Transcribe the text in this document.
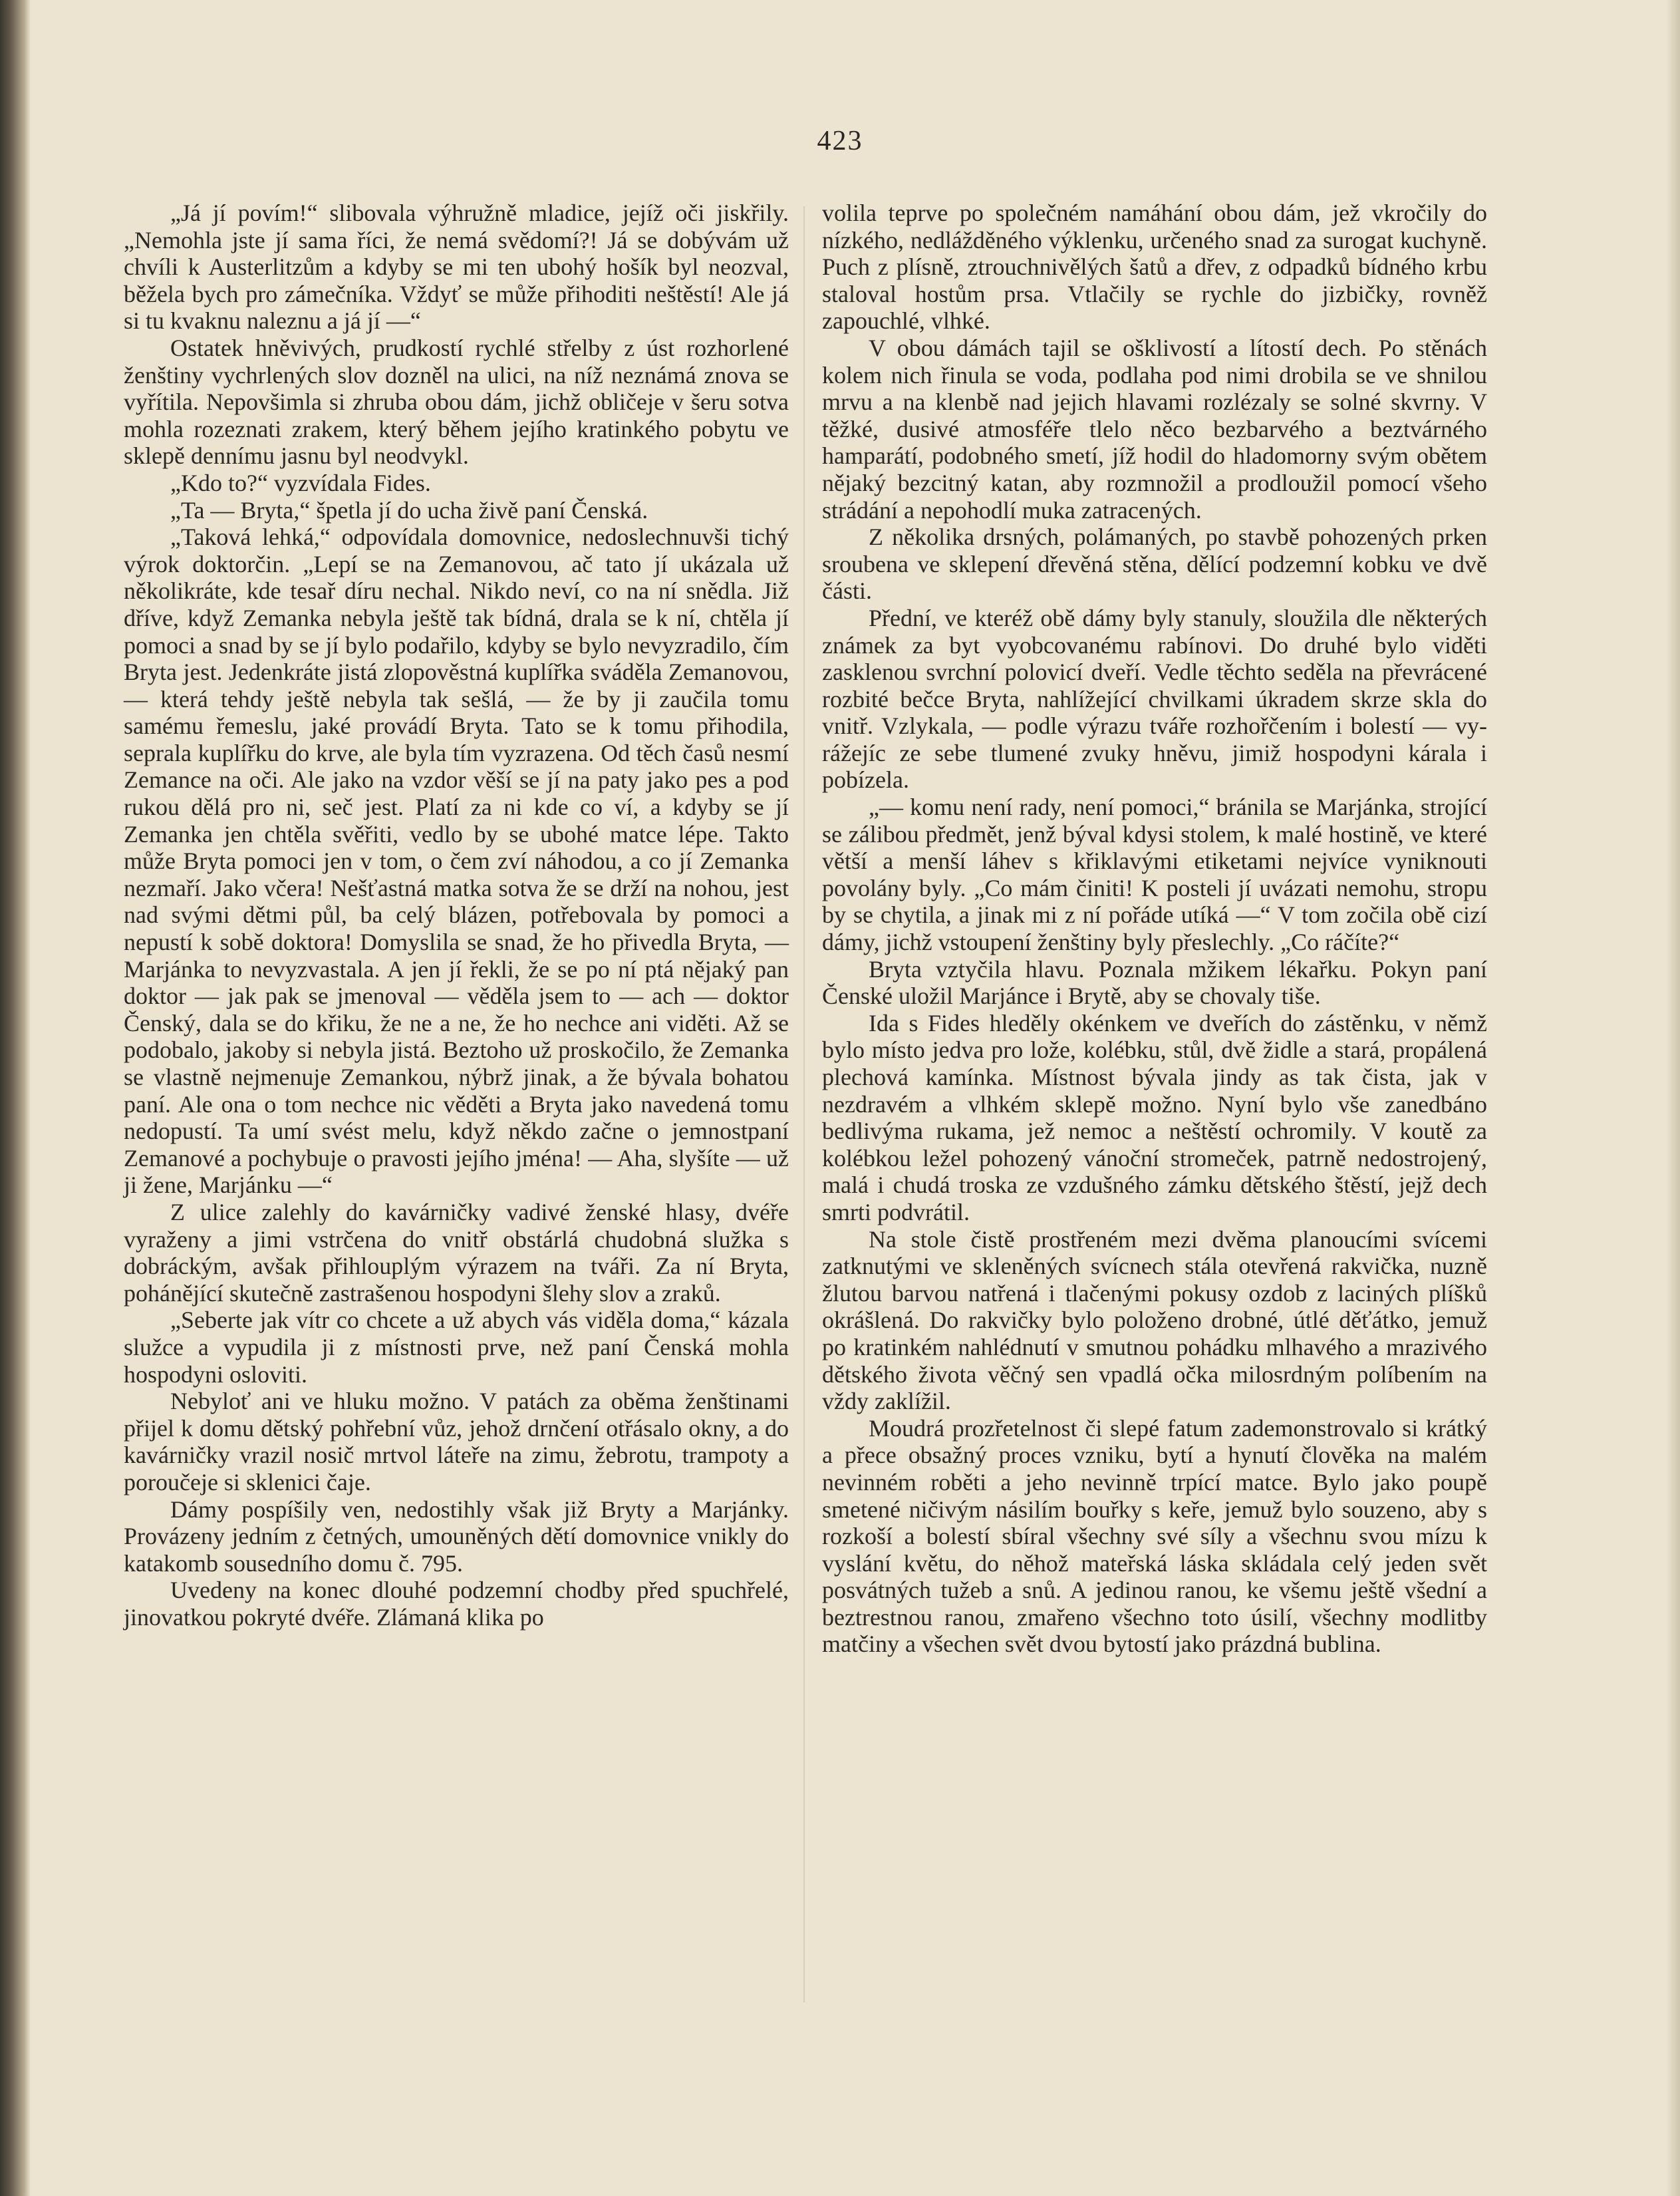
423

„Já jí povím!“ slibovala výhružně mladice, jejíž oči jiskřily. „Nemohla jste jí sama říci, že nemá svědomí?! Já se dobývám už chvíli k Austerlitzům a kdyby se mi ten ubohý hošík byl neozval, běžela bych pro zámečníka. Vždyť se může přihoditi neštěstí! Ale já si tu kvaknu naleznu a já jí —“

Ostatek hněvivých, prudkostí rychlé střelby z úst rozhorlené ženštiny vychrlených slov dozněl na ulici, na níž neznámá znova se vyřítila. Nepovšimla si zhruba obou dám, jichž obličeje v šeru sotva mohla rozeznati zrakem, který během jejího kratinkého pobytu ve sklepě dennímu jasnu byl neodvykl.

„Kdo to?“ vyzvídala Fides.

„Ta — Bryta,“ špetla jí do ucha živě paní Čenská.

„Taková lehká,“ odpovídala domovnice, nedoslechnuvši tichý výrok doktorčin. „Lepí se na Zemanovou, ač tato jí ukázala už několikráte, kde tesař díru nechal. Nikdo neví, co na ní snědla. Již dříve, když Zemanka nebyla ještě tak bídná, drala se k ní, chtěla jí pomoci a snad by se jí bylo podařilo, kdyby se bylo nevyzradilo, čím Bryta jest. Jedenkráte jistá zlopověstná kuplířka sváděla Zemanovou, — která tehdy ještě nebyla tak sešlá, — že by ji zaučila tomu samému řemeslu, jaké provádí Bryta. Tato se k tomu přihodila, seprala kuplířku do krve, ale byla tím vyzrazena. Od těch časů nesmí Zemance na oči. Ale jako na vzdor věší se jí na paty jako pes a pod rukou dělá pro ni, seč jest. Platí za ni kde co ví, a kdyby se jí Zemanka jen chtěla svěřiti, vedlo by se ubohé matce lépe. Takto může Bryta pomoci jen v tom, o čem zví náhodou, a co jí Zemanka nezmaří. Jako včera! Nešťastná matka sotva že se drží na nohou, jest nad svými dětmi půl, ba celý blázen, potřebovala by pomoci a nepustí k sobě doktora! Domyslila se snad, že ho přivedla Bryta, — Marjánka to nevyzvastala. A jen jí řekli, že se po ní ptá nějaký pan doktor — jak pak se jmenoval — věděla jsem to — ach — doktor Čenský, dala se do křiku, že ne a ne, že ho nechce ani viděti. Až se podobalo, jakoby si nebyla jistá. Beztoho už proskočilo, že Zemanka se vlastně nejmenuje Zemankou, nýbrž jinak, a že bývala bohatou paní. Ale ona o tom nechce nic věděti a Bryta jako navedená tomu nedopustí. Ta umí svést melu, když někdo začne o jemnostpaní Zemanové a pochybuje o pravosti jejího jména! — Aha, slyšíte — už ji žene, Marjánku —“

Z ulice zalehly do kavárničky vadivé ženské hlasy, dvéře vyraženy a jimi vstrčena do vnitř obstárlá chudobná služka s dobráckým, avšak přihlouplým výrazem na tváři. Za ní Bryta, pohánějící skutečně zastrašenou hospodyni šlehy slov a zraků.

„Seberte jak vítr co chcete a už abych vás viděla doma,“ kázala služce a vypudila ji z místnosti prve, než paní Čenská mohla hospodyni osloviti.

Nebyloť ani ve hluku možno. V patách za oběma ženštinami přijel k domu dětský pohřební vůz, jehož drnčení otřásalo okny, a do kavárničky vrazil nosič mrtvol láteře na zimu, žebrotu, trampoty a poroučeje si sklenici čaje.

Dámy pospíšily ven, nedostihly však již Bryty a Marjánky. Provázeny jedním z četných, umouněných dětí domovnice vnikly do katakomb sousedního domu č. 795.

Uvedeny na konec dlouhé podzemní chodby před spuchřelé, jinovatkou pokryté dvéře. Zlámaná klika po

volila teprve po společném namáhání obou dám, jež vkročily do nízkého, nedlážděného výklenku, určeného snad za surogat kuchyně. Puch z plísně, ztrouchnivělých šatů a dřev, z odpadků bídného krbu staloval hostům prsa. Vtlačily se rychle do jizbičky, rovněž zapouchlé, vlhké.

V obou dámách tajil se ošklivostí a lítostí dech. Po stěnách kolem nich řinula se voda, podlaha pod nimi drobila se ve shnilou mrvu a na klenbě nad jejich hlavami rozlézaly se solné skvrny. V těžké, dusivé atmosféře tlelo něco bezbarvého a beztvárného hamparátí, podobného smetí, jíž hodil do hladomorny svým obětem nějaký bezcitný katan, aby rozmnožil a prodloužil pomocí všeho strádání a nepohodlí muka zatracených.

Z několika drsných, polámaných, po stavbě pohozených prken sroubena ve sklepení dřevěná stěna, dělící podzemní kobku ve dvě části.

Přední, ve kteréž obě dámy byly stanuly, sloužila dle některých známek za byt vyobcovanému rabínovi. Do druhé bylo viděti zasklenou svrchní polovicí dveří. Vedle těchto seděla na převrácené rozbité bečce Bryta, nahlížející chvilkami úkradem skrze skla do vnitř. Vzlykala, — podle výrazu tváře rozhořčením i bolestí — vyrážejíc ze sebe tlumené zvuky hněvu, jimiž hospodyni kárala i pobízela.

„— komu není rady, není pomoci,“ bránila se Marjánka, strojící se zálibou předmět, jenž býval kdysi stolem, k malé hostině, ve které větší a menší láhev s křiklavými etiketami nejvíce vyniknouti povolány byly. „Co mám činiti! K posteli jí uvázati nemohu, stropu by se chytila, a jinak mi z ní pořáde utíká —“ V tom zočila obě cizí dámy, jichž vstoupení ženštiny byly přeslechly. „Co ráčíte?“

Bryta vztyčila hlavu. Poznala mžikem lékařku. Pokyn paní Čenské uložil Marjánce i Brytě, aby se chovaly tiše.

Ida s Fides hleděly okénkem ve dveřích do zástěnku, v němž bylo místo jedva pro lože, kolébku, stůl, dvě židle a stará, propálená plechová kamínka. Místnost bývala jindy as tak čista, jak v nezdravém a vlhkém sklepě možno. Nyní bylo vše zanedbáno bedlivýma rukama, jež nemoc a neštěstí ochromily. V koutě za kolébkou ležel pohozený vánoční stromeček, patrně nedostrojený, malá i chudá troska ze vzdušného zámku dětského štěstí, jejž dech smrti podvrátil.

Na stole čistě prostřeném mezi dvěma planoucími svícemi zatknutými ve skleněných svícnech stála otevřená rakvička, nuzně žlutou barvou natřená i tlačenými pokusy ozdob z laciných plíšků okrášlená. Do rakvičky bylo položeno drobné, útlé děťátko, jemuž po kratinkém nahlédnutí v smutnou pohádku mlhavého a mrazivého dětského života věčný sen vpadlá očka milosrdným políbením na vždy zaklížil.

Moudrá prozřetelnost či slepé fatum zademonstrovalo si krátký a přece obsažný proces vzniku, bytí a hynutí člověka na malém nevinném roběti a jeho nevinně trpící matce. Bylo jako poupě smetené ničivým násilím bouřky s keře, jemuž bylo souzeno, aby s rozkoší a bolestí sbíral všechny své síly a všechnu svou mízu k vyslání květu, do něhož mateřská láska skládala celý jeden svět posvátných tužeb a snů. A jedinou ranou, ke všemu ještě všední a beztrestnou ranou, zmařeno všechno toto úsilí, všechny modlitby matčiny a všechen svět dvou bytostí jako prázdná bublina.
